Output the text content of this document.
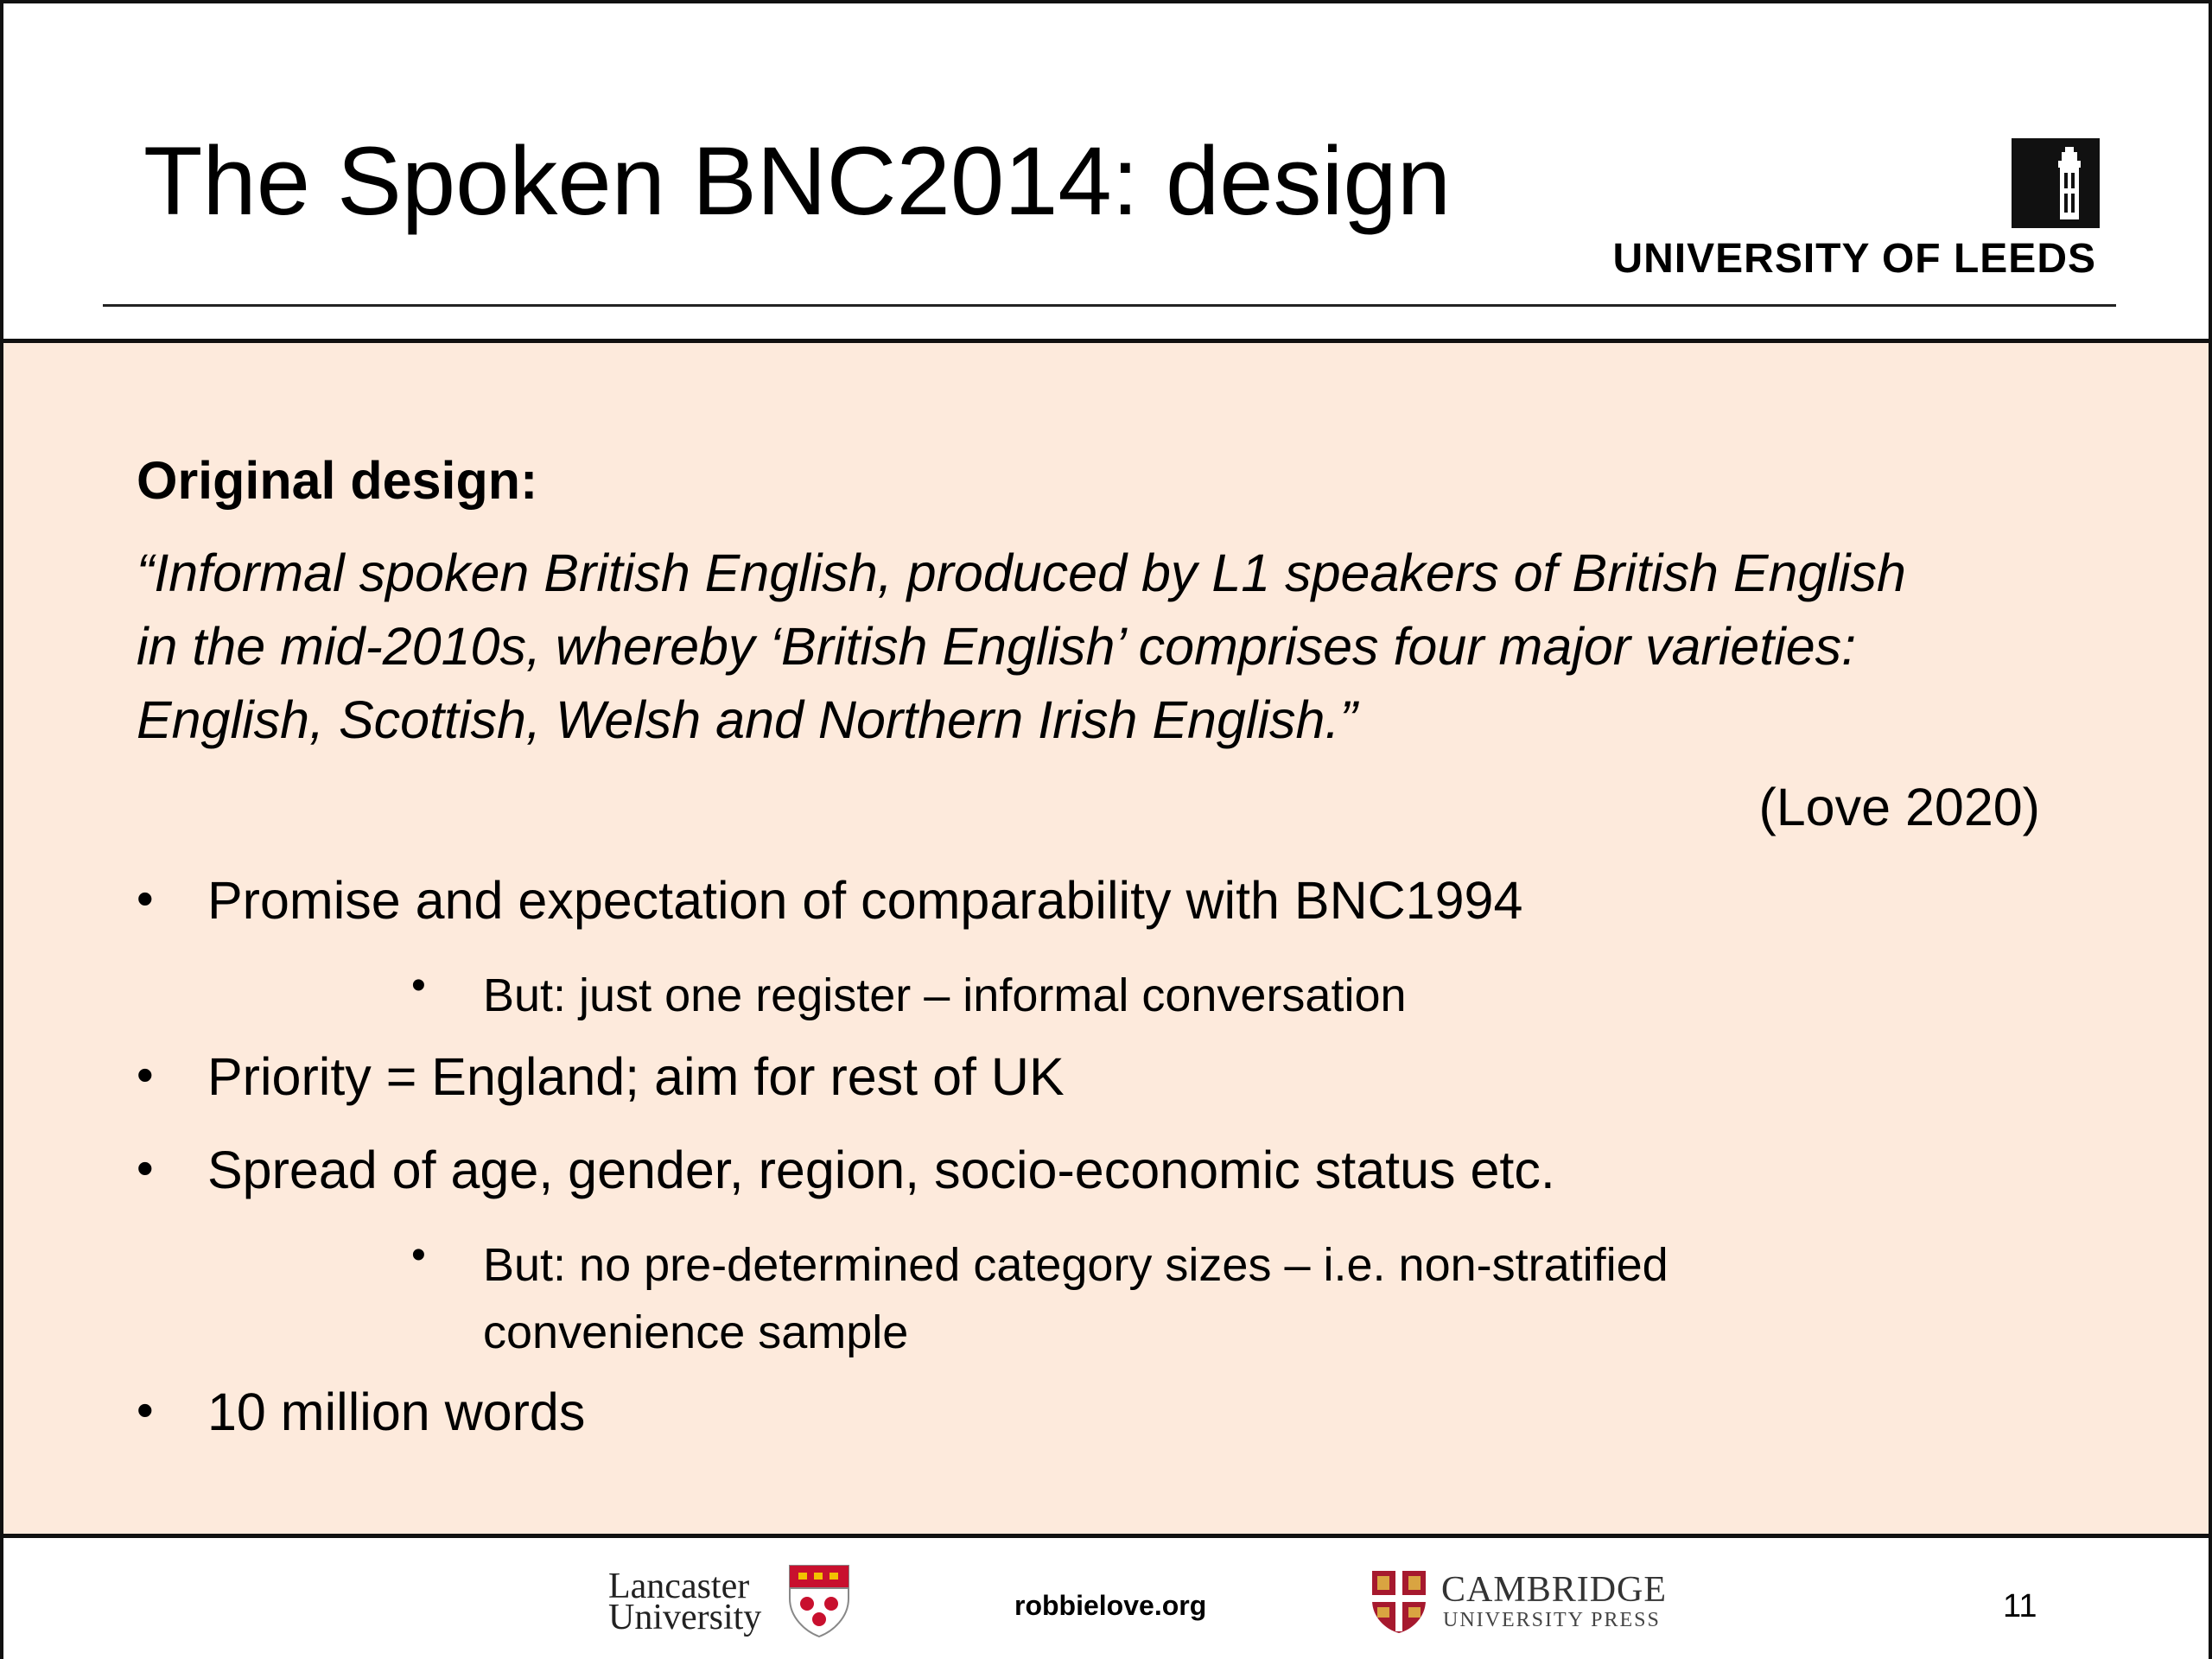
The Spoken BNC2014: design
UNIVERSITY OF LEEDS
Original design:
“Informal spoken British English, produced by L1 speakers of British English
in the mid-2010s, whereby ‘British English’ comprises four major varieties:
English, Scottish, Welsh and Northern Irish English.”
(Love 2020)
• Promise and expectation of comparability with BNC1994
• But: just one register – informal conversation
• Priority = England; aim for rest of UK
• Spread of age, gender, region, socio-economic status etc.
• But: no pre-determined category sizes – i.e. non-stratified
convenience sample
• 10 million words
Lancaster
University	robbielove.org	CAMBRIDGE
UNIVERSITY PRESS	11
